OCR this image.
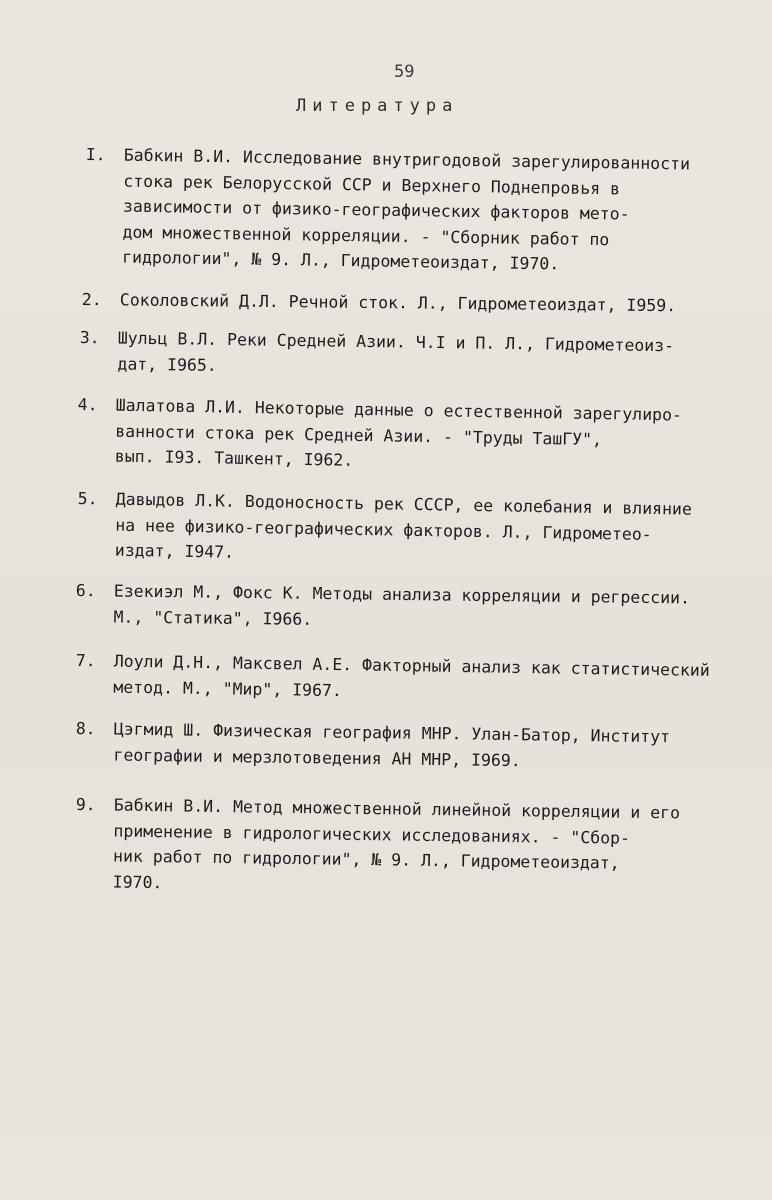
59
Литература
I. Бабкин В.И. Исследование внутригодовой зарегулированности
стока рек Белорусской ССР и Верхнего Поднепровья в
зависимости от физико-географических факторов мето-
дом множественной корреляции. - "Сборник работ по
гидрологии", № 9. Л., Гидрометеоиздат, I970.
2. Соколовский Д.Л. Речной сток. Л., Гидрометеоиздат, I959.
3. Шульц В.Л. Реки Средней Азии. Ч.I и П. Л., Гидрометеоиз-
дат, I965.
4. Шалатова Л.И. Некоторые данные о естественной зарегулиро-
ванности стока рек Средней Азии. - "Труды ТашГУ",
вып. I93. Ташкент, I962.
5. Давыдов Л.К. Водоносность рек СССР, ее колебания и влияние
на нее физико-географических факторов. Л., Гидрометео-
издат, I947.
6. Езекиэл М., Фокс К. Методы анализа корреляции и регрессии.
М., "Статика", I966.
7. Лоули Д.Н., Максвел А.Е. Факторный анализ как статистический
метод. М., "Мир", I967.
8. Цэгмид Ш. Физическая география МНР. Улан-Батор, Институт
географии и мерзлотоведения АН МНР, I969.
9. Бабкин В.И. Метод множественной линейной корреляции и его
применение в гидрологических исследованиях. - "Сбор-
ник работ по гидрологии", № 9. Л., Гидрометеоиздат,
I970.
